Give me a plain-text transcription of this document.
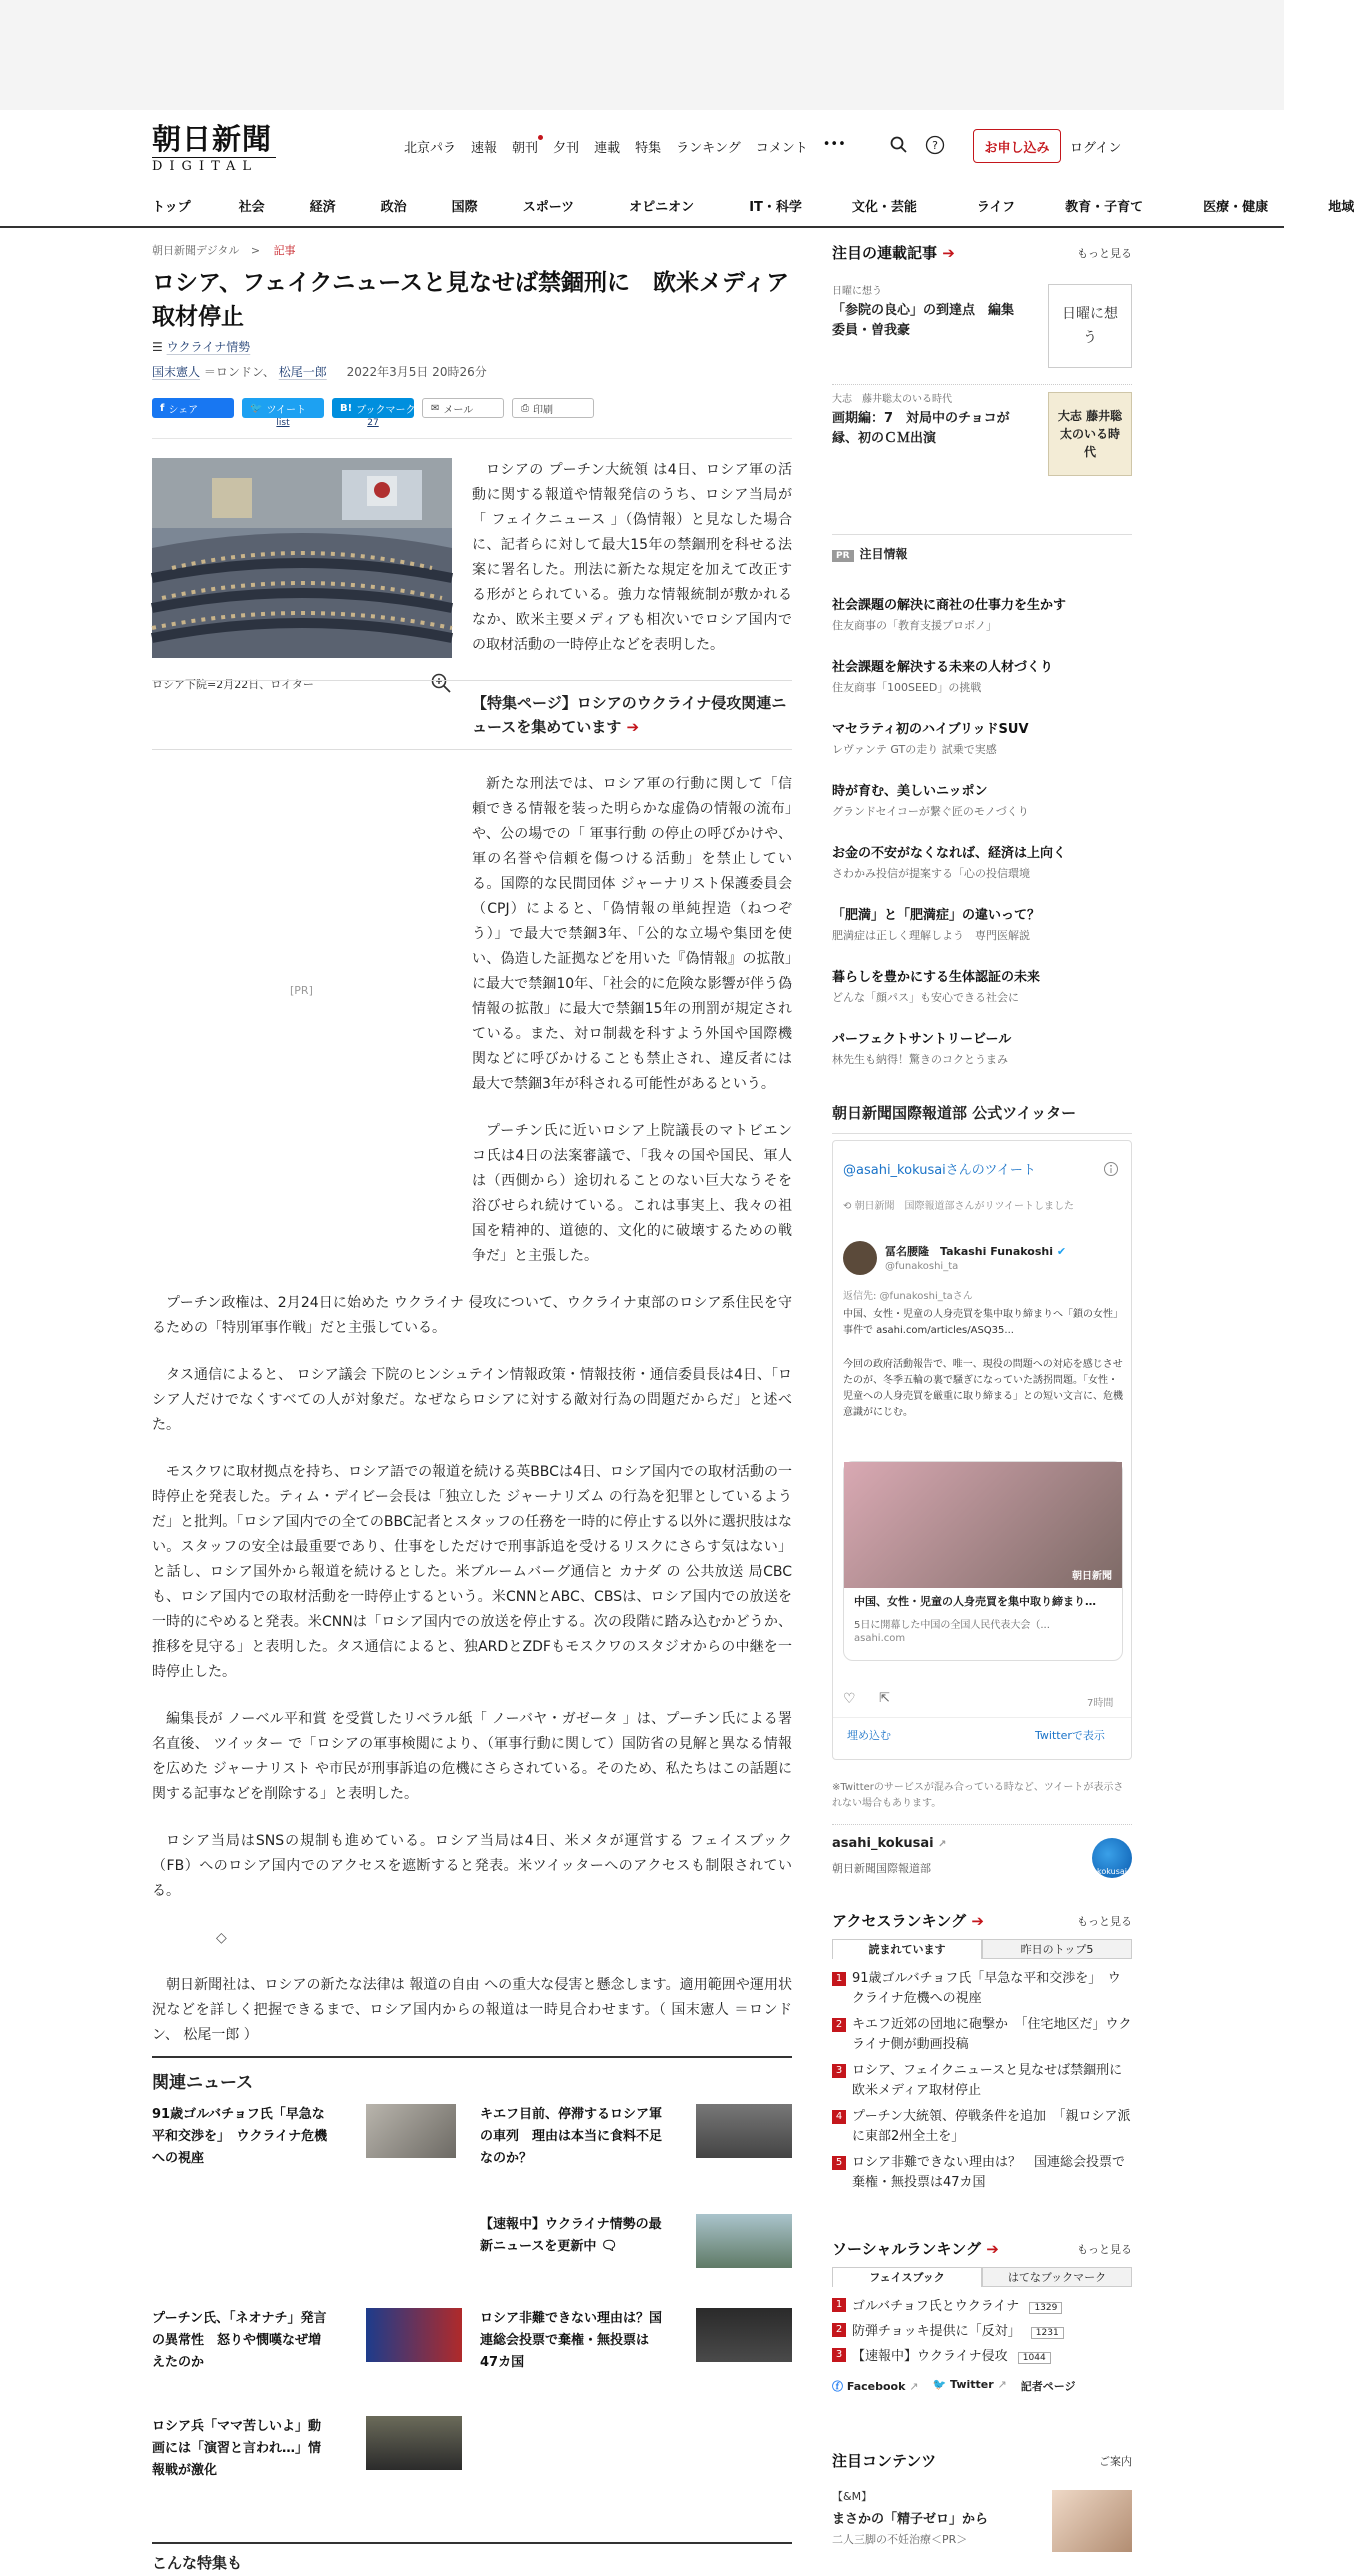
朝日新聞
DIGITAL
北京パラ 速報 朝刊 夕刊 連載 特集 ランキング コメント •••	?	お申し込み	ログイン
トップ	社会	経済	政治	国際	スポーツ	オピニオン	IT・科学	文化・芸能	ライフ	教育・子育て	医療・健康	地域
朝日新聞デジタル > 記事
ロシア、フェイクニュースと見なせば禁錮刑に　欧米メディア取材停止
☰ ウクライナ情勢
国末憲人 ＝ロンドン、 松尾一郎 2022年3月5日 20時26分
f シェア	🐦 ツイート
list
B! ブックマーク
27
✉ メール	⎙ 印刷
ロシア下院=2月22日、ロイター
[PR]

ロシアの プーチン大統領 は4日、ロシア軍の活動に関する報道や情報発信のうち、ロシア当局が「 フェイクニュース 」（偽情報）と見なした場合に、記者らに対して最大15年の禁錮刑を科せる法案に署名した。刑法に新たな規定を加えて改正する形がとられている。強力な情報統制が敷かれるなか、欧米主要メディアも相次いでロシア国内での取材活動の一時停止などを表明した。

【特集ページ】ロシアのウクライナ侵攻関連ニュースを集めています ➔

新たな刑法では、ロシア軍の行動に関して「信頼できる情報を装った明らかな虚偽の情報の流布」や、公の場での「 軍事行動 の停止の呼びかけや、軍の名誉や信頼を傷つける活動」を禁止している。国際的な民間団体 ジャーナリスト保護委員会 （CPJ）によると、「偽情報の単純捏造（ねつぞう）」で最大で禁錮3年、「公的な立場や集団を使い、偽造した証拠などを用いた『偽情報』の拡散」に最大で禁錮10年、「社会的に危険な影響が伴う偽情報の拡散」に最大で禁錮15年の刑罰が規定されている。また、対ロ制裁を科すよう外国や国際機関などに呼びかけることも禁止され、違反者には最大で禁錮3年が科される可能性があるという。

プーチン氏に近いロシア上院議長のマトビエンコ氏は4日の法案審議で、「我々の国や国民、軍人は（西側から）途切れることのない巨大なうそを浴びせられ続けている。これは事実上、我々の祖国を精神的、道徳的、文化的に破壊するための戦争だ」と主張した。

プーチン政権は、2月24日に始めた ウクライナ 侵攻について、ウクライナ東部のロシア系住民を守るための「特別軍事作戦」だと主張している。

タス通信によると、 ロシア議会 下院のヒンシュテイン情報政策・情報技術・通信委員長は4日、「ロシア人だけでなくすべての人が対象だ。なぜならロシアに対する敵対行為の問題だからだ」と述べた。

モスクワに取材拠点を持ち、ロシア語での報道を続ける英BBCは4日、ロシア国内での取材活動の一時停止を発表した。ティム・デイビー会長は「独立した ジャーナリズム の行為を犯罪としているようだ」と批判。「ロシア国内での全てのBBC記者とスタッフの任務を一時的に停止する以外に選択肢はない。スタッフの安全は最重要であり、仕事をしただけで刑事訴追を受けるリスクにさらす気はない」と話し、ロシア国外から報道を続けるとした。米ブルームバーグ通信と カナダ の 公共放送 局CBCも、ロシア国内での取材活動を一時停止するという。米CNNとABC、CBSは、ロシア国内での放送を一時的にやめると発表。米CNNは「ロシア国内での放送を停止する。次の段階に踏み込むかどうか、推移を見守る」と表明した。タス通信によると、独ARDとZDFもモスクワのスタジオからの中継を一時停止した。

編集長が ノーベル平和賞 を受賞したリベラル紙「 ノーバヤ・ガゼータ 」は、プーチン氏による署名直後、 ツイッター で「ロシアの軍事検閲により、（軍事行動に関して）国防省の見解と異なる情報を広めた ジャーナリスト や市民が刑事訴追の危機にさらされている。そのため、私たちはこの話題に関する記事などを削除する」と表明した。

ロシア当局はSNSの規制も進めている。ロシア当局は4日、米メタが運営する フェイスブック （FB）へのロシア国内でのアクセスを遮断すると発表。米ツイッターへのアクセスも制限されている。

◇

朝日新聞社は、ロシアの新たな法律は 報道の自由 への重大な侵害と懸念します。適用範囲や運用状況などを詳しく把握できるまで、ロシア国内からの報道は一時見合わせます。（ 国末憲人 ＝ロンドン、 松尾一郎 ）

関連ニュース
91歳ゴルバチョフ氏「早急な平和交渉を」　ウクライナ危機への視座
キエフ目前、停滞するロシア軍の車列　理由は本当に食料不足なのか？
【速報中】ウクライナ情勢の最新ニュースを更新中 🗨
プーチン氏、「ネオナチ」発言の異常性　怒りや憫嘆なぜ増えたのか
ロシア非難できない理由は？国連総会投票で棄権・無投票は47カ国
ロシア兵「ママ苦しいよ」動画には「演習と言われ…」情報戦が激化
こんな特集も
注目の連載記事 ➔	もっと見る
日曜に想う
「参院の良心」の到達点　編集委員・曽我豪
日曜に想う
大志　藤井聡太のいる時代
画期編：7　対局中のチョコが縁、初のＣＭ出演
大志 藤井聡太のいる時代
PR 注目情報
社会課題の解決に商社の仕事力を生かす
住友商事の「教育支援プロボノ」
社会課題を解決する未来の人材づくり
住友商事「100SEED」の挑戦
マセラティ初のハイブリッドSUV
レヴァンテ GTの走り 試乗で実感
時が育む、美しいニッポン
グランドセイコーが繋ぐ匠のモノづくり
お金の不安がなくなれば、経済は上向く
さわかみ投信が提案する「心の投信環境
「肥満」と「肥満症」の違いって？
肥満症は正しく理解しよう　専門医解説
暮らしを豊かにする生体認証の未来
どんな「顔パス」も安心できる社会に
パーフェクトサントリービール
林先生も納得！驚きのコクとうまみ
朝日新聞国際報道部 公式ツイッター
@asahi_kokusaiさんのツイート
⟲ 朝日新聞　国際報道部さんがリツイートしました
冨名腰隆　Takashi Funakoshi ✔
@funakoshi_ta
返信先: @funakoshi_taさん
中国、女性・児童の人身売買を集中取り締まりへ「鎖の女性」事件で asahi.com/articles/ASQ35...
今回の政府活動報告で、唯一、現役の問題への対応を感じさせたのが、冬季五輪の裏で騒ぎになっていた誘拐問題。「女性・児童への人身売買を厳重に取り締まる」との短い文言に、危機意識がにじむ。
朝日新聞
中国、女性・児童の人身売買を集中取り締まり…
5日に開幕した中国の全国人民代表大会（...
asahi.com
♡ ⇱	7時間
埋め込む	Twitterで表示
※Twitterのサービスが混み合っている時など、ツイートが表示されない場合もあります。
asahi_kokusai ↗
朝日新聞国際報道部	kokusai
アクセスランキング ➔	もっと見る
読まれています	昨日のトップ5
1 91歳ゴルバチョフ氏「早急な平和交渉を」　ウクライナ危機への視座
2 キエフ近郊の団地に砲撃か　「住宅地区だ」ウクライナ側が動画投稿
3 ロシア、フェイクニュースと見なせば禁錮刑に　欧米メディア取材停止
4 プーチン大統領、停戦条件を追加　「親ロシア派に東部2州全土を」
5 ロシア非難できない理由は？　国連総会投票で棄権・無投票は47カ国
ソーシャルランキング ➔	もっと見る
フェイスブック	はてなブックマーク
1 ゴルバチョフ氏とウクライナ 1329
2 防弾チョッキ提供に「反対」 1231
3 【速報中】ウクライナ侵攻 1044
ⓕ Facebook ↗ 🐦 Twitter ↗ 記者ページ
注目コンテンツ	ご案内
【&M】
まさかの「精子ゼロ」から
二人三脚の不妊治療＜PR＞
